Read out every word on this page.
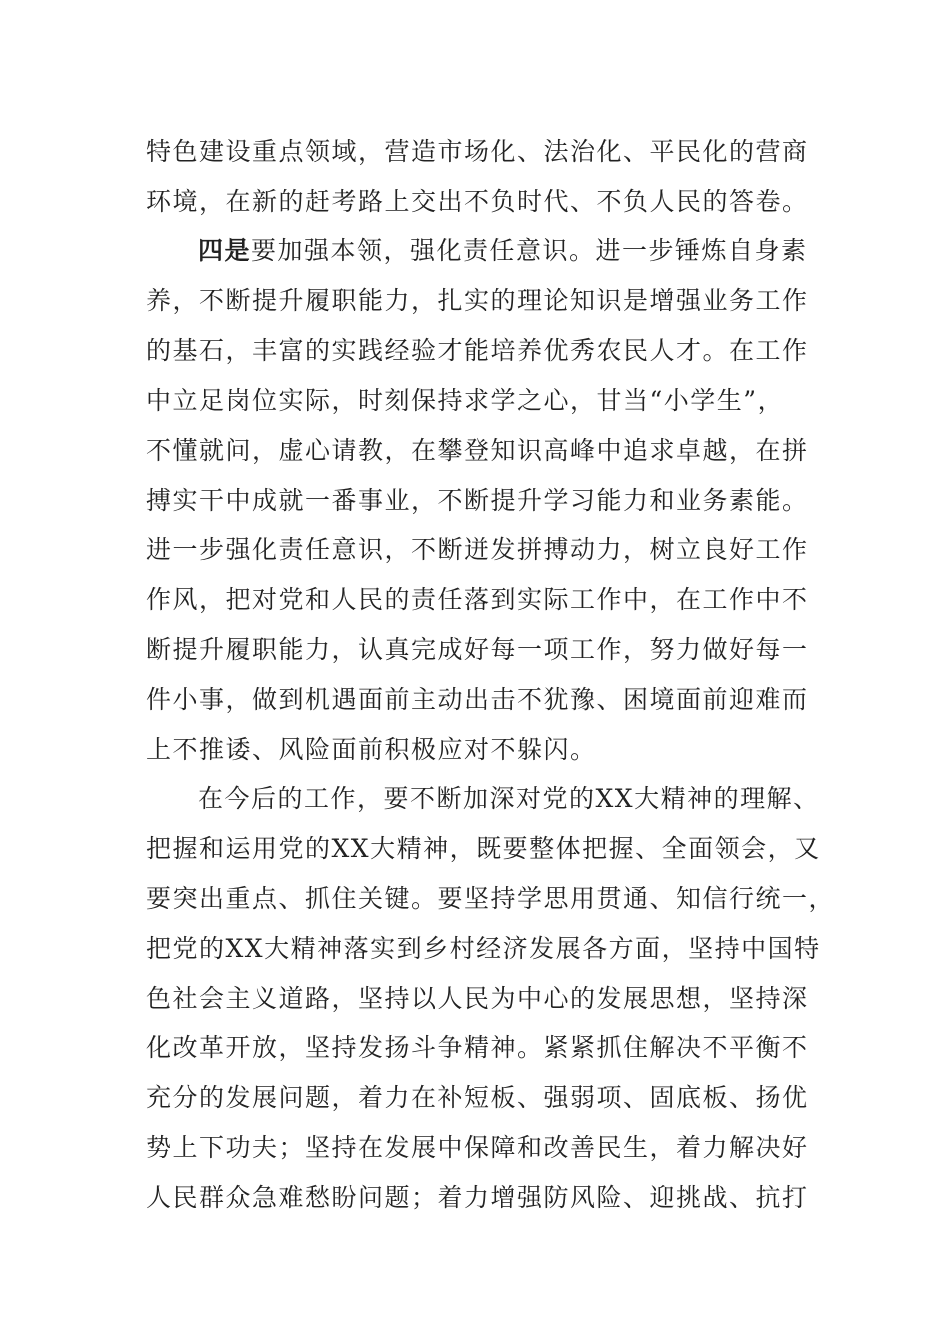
特色建设重点领域，营造市场化、法治化、平民化的营商
环境，在新的赶考路上交出不负时代、不负人民的答卷。
四是要加强本领，强化责任意识。进一步锤炼自身素
养，不断提升履职能力，扎实的理论知识是增强业务工作
的基石，丰富的实践经验才能培养优秀农民人才。在工作
中立足岗位实际，时刻保持求学之心，甘当“小学生”，
不懂就问，虚心请教，在攀登知识高峰中追求卓越，在拼
搏实干中成就一番事业，不断提升学习能力和业务素能。
进一步强化责任意识，不断迸发拼搏动力，树立良好工作
作风，把对党和人民的责任落到实际工作中，在工作中不
断提升履职能力，认真完成好每一项工作，努力做好每一
件小事，做到机遇面前主动出击不犹豫、困境面前迎难而
上不推诿、风险面前积极应对不躲闪。
在今后的工作，要不断加深对党的XX大精神的理解、
把握和运用党的XX大精神，既要整体把握、全面领会，又
要突出重点、抓住关键。要坚持学思用贯通、知信行统一，
把党的XX大精神落实到乡村经济发展各方面，坚持中国特
色社会主义道路，坚持以人民为中心的发展思想，坚持深
化改革开放，坚持发扬斗争精神。紧紧抓住解决不平衡不
充分的发展问题，着力在补短板、强弱项、固底板、扬优
势上下功夫；坚持在发展中保障和改善民生，着力解决好
人民群众急难愁盼问题；着力增强防风险、迎挑战、抗打
